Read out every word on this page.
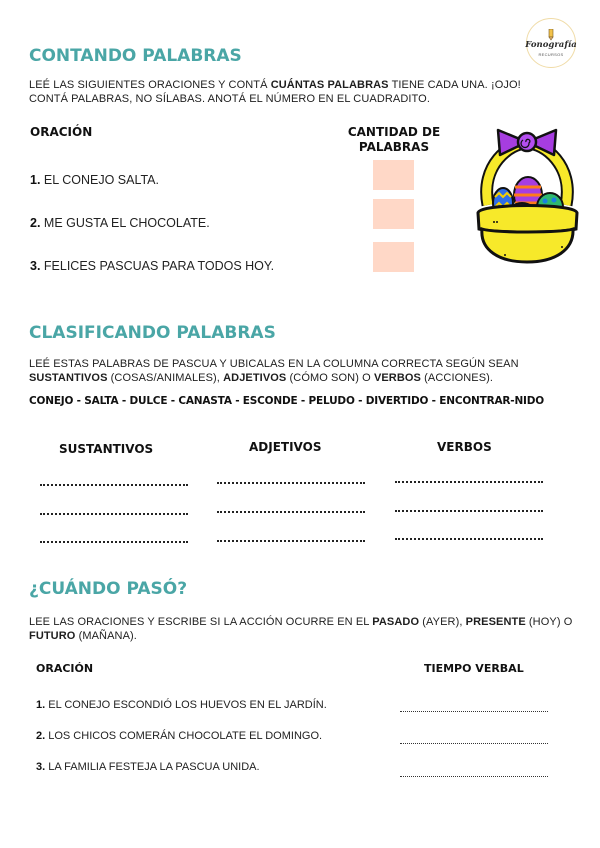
Fonografía
RECURSOS
CONTANDO PALABRAS
LEÉ LAS SIGUIENTES ORACIONES Y CONTÁ CUÁNTAS PALABRAS TIENE CADA UNA. ¡OJO! CONTÁ PALABRAS, NO SÍLABAS. ANOTÁ EL NÚMERO EN EL CUADRADITO.
ORACIÓN	CANTIDAD DE
PALABRAS
1. EL CONEJO SALTA.
2. ME GUSTA EL CHOCOLATE.
3. FELICES PASCUAS PARA TODOS HOY.
CLASIFICANDO PALABRAS
LEÉ ESTAS PALABRAS DE PASCUA Y UBICALAS EN LA COLUMNA CORRECTA SEGÚN SEAN
SUSTANTIVOS (COSAS/ANIMALES), ADJETIVOS (CÓMO SON) O VERBOS (ACCIONES).
CONEJO - SALTA - DULCE - CANASTA - ESCONDE - PELUDO - DIVERTIDO - ENCONTRAR-NIDO
SUSTANTIVOS	ADJETIVOS	VERBOS
¿CUÁNDO PASÓ?
LEE LAS ORACIONES Y ESCRIBE SI LA ACCIÓN OCURRE EN EL PASADO (AYER), PRESENTE (HOY) O FUTURO (MAÑANA).
ORACIÓN	TIEMPO VERBAL
1. EL CONEJO ESCONDIÓ LOS HUEVOS EN EL JARDÍN.
2. LOS CHICOS COMERÁN CHOCOLATE EL DOMINGO.
3. LA FAMILIA FESTEJA LA PASCUA UNIDA.
